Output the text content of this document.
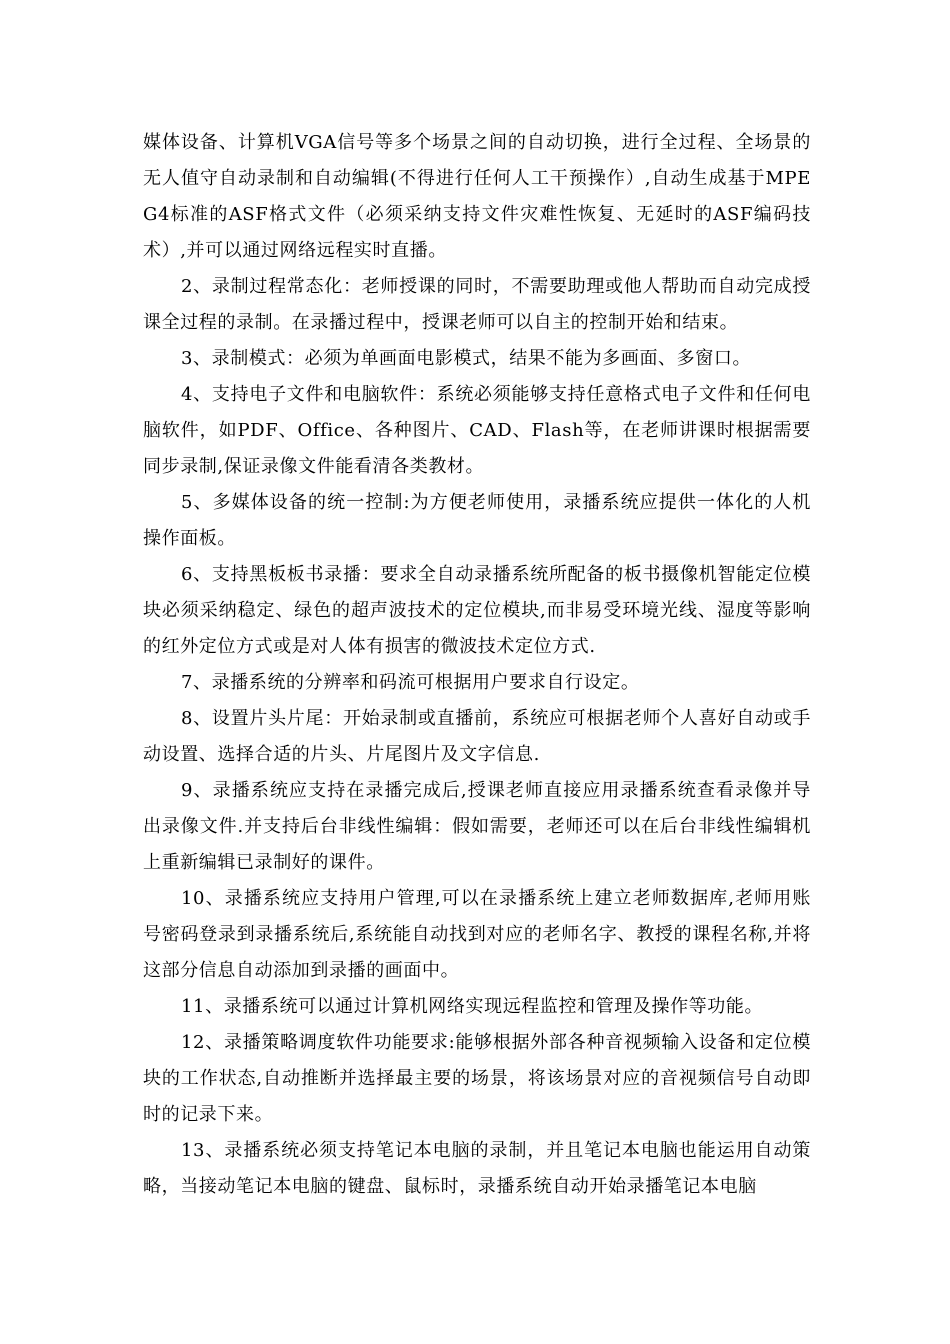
媒体设备、计算机VGA信号等多个场景之间的自动切换，进行全过程、全场景的无人值守自动录制和自动编辑(不得进行任何人工干预操作）,自动生成基于MPEG4标准的ASF格式文件（必须采纳支持文件灾难性恢复、无延时的ASF编码技术）,并可以通过网络远程实时直播。

2、录制过程常态化：老师授课的同时，不需要助理或他人帮助而自动完成授课全过程的录制。在录播过程中，授课老师可以自主的控制开始和结束。

3、录制模式：必须为单画面电影模式，结果不能为多画面、多窗口。

4、支持电子文件和电脑软件：系统必须能够支持任意格式电子文件和任何电脑软件，如PDF、Office、各种图片、CAD、Flash等，在老师讲课时根据需要同步录制,保证录像文件能看清各类教材。

5、多媒体设备的统一控制:为方便老师使用，录播系统应提供一体化的人机操作面板。

6、支持黑板板书录播：要求全自动录播系统所配备的板书摄像机智能定位模块必须采纳稳定、绿色的超声波技术的定位模块,而非易受环境光线、湿度等影响的红外定位方式或是对人体有损害的微波技术定位方式.

7、录播系统的分辨率和码流可根据用户要求自行设定。

8、设置片头片尾：开始录制或直播前，系统应可根据老师个人喜好自动或手动设置、选择合适的片头、片尾图片及文字信息.

9、录播系统应支持在录播完成后,授课老师直接应用录播系统查看录像并导出录像文件.并支持后台非线性编辑：假如需要，老师还可以在后台非线性编辑机上重新编辑已录制好的课件。

10、录播系统应支持用户管理,可以在录播系统上建立老师数据库,老师用账号密码登录到录播系统后,系统能自动找到对应的老师名字、教授的课程名称,并将这部分信息自动添加到录播的画面中。

11、录播系统可以通过计算机网络实现远程监控和管理及操作等功能。

12、录播策略调度软件功能要求:能够根据外部各种音视频输入设备和定位模块的工作状态,自动推断并选择最主要的场景，将该场景对应的音视频信号自动即时的记录下来。

13、录播系统必须支持笔记本电脑的录制，并且笔记本电脑也能运用自动策略，当接动笔记本电脑的键盘、鼠标时，录播系统自动开始录播笔记本电脑
